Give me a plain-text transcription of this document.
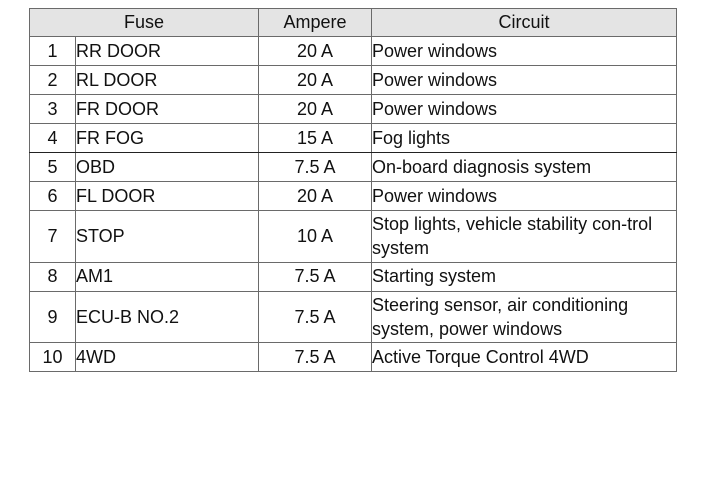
Fuse		Ampere	Circuit
1	RR DOOR	20 A	Power windows
2	RL DOOR	20 A	Power windows
3	FR DOOR	20 A	Power windows
4	FR FOG	15 A	Fog lights
5	OBD	7.5 A	On-board diagnosis system
6	FL DOOR	20 A	Power windows
7	STOP	10 A	Stop lights, vehicle stability con-trol system
8	AM1	7.5 A	Starting system
9	ECU-B NO.2	7.5 A	Steering sensor, air conditioning system, power windows
10	4WD	7.5 A	Active Torque Control 4WD
